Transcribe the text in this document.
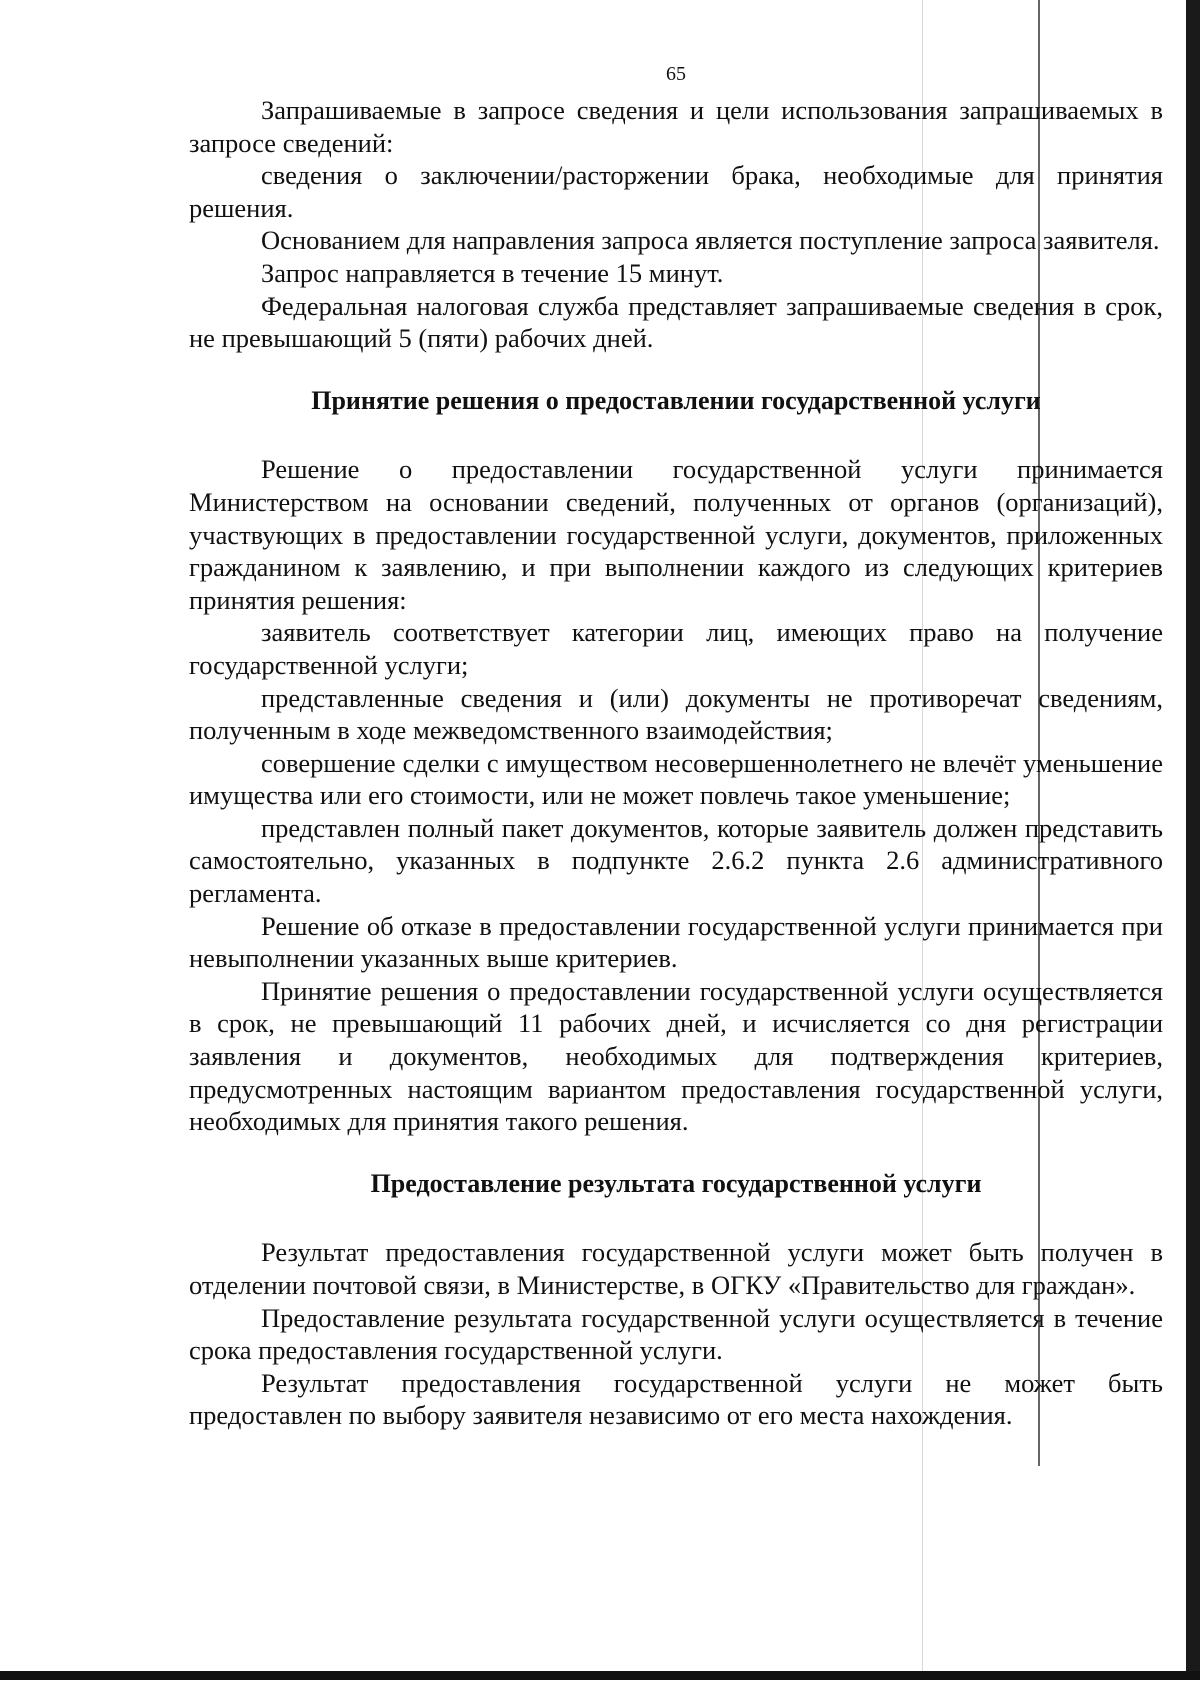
65

Запрашиваемые в запросе сведения и цели использования запрашиваемых в запросе сведений:

сведения о заключении/расторжении брака, необходимые для принятия решения.

Основанием для направления запроса является поступление запроса заявителя.

Запрос направляется в течение 15 минут.

Федеральная налоговая служба представляет запрашиваемые сведения в срок, не превышающий 5 (пяти) рабочих дней.

Принятие решения о предоставлении государственной услуги

Решение о предоставлении государственной услуги принимается Министерством на основании сведений, полученных от органов (организаций), участвующих в предоставлении государственной услуги, документов, приложенных гражданином к заявлению, и при выполнении каждого из следующих критериев принятия решения:

заявитель соответствует категории лиц, имеющих право на получение государственной услуги;

представленные сведения и (или) документы не противоречат сведениям, полученным в ходе межведомственного взаимодействия;

совершение сделки с имуществом несовершеннолетнего не влечёт уменьшение имущества или его стоимости, или не может повлечь такое уменьшение;

представлен полный пакет документов, которые заявитель должен представить самостоятельно, указанных в подпункте 2.6.2 пункта 2.6 административного регламента.

Решение об отказе в предоставлении государственной услуги принимается при невыполнении указанных выше критериев.

Принятие решения о предоставлении государственной услуги осуществляется в срок, не превышающий 11 рабочих дней, и исчисляется со дня регистрации заявления и документов, необходимых для подтверждения критериев, предусмотренных настоящим вариантом предоставления государственной услуги, необходимых для принятия такого решения.

Предоставление результата государственной услуги

Результат предоставления государственной услуги может быть получен в отделении почтовой связи, в Министерстве, в ОГКУ «Правительство для граждан».

Предоставление результата государственной услуги осуществляется в течение срока предоставления государственной услуги.

Результат предоставления государственной услуги не может быть предоставлен по выбору заявителя независимо от его места нахождения.
